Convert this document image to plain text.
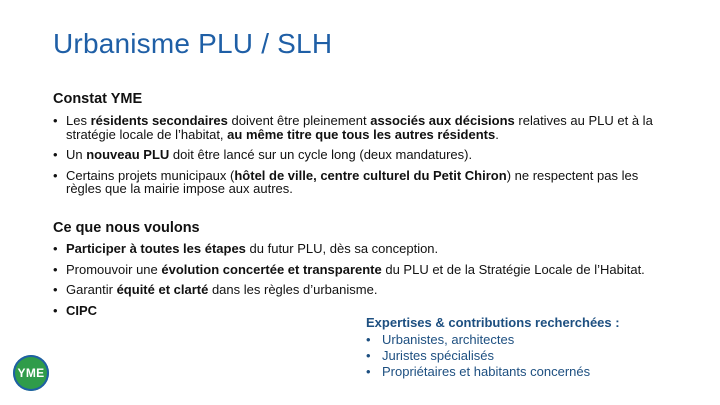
Urbanisme PLU / SLH
Constat YME
• Les résidents secondaires doivent être pleinement associés aux décisions relatives au PLU et à la stratégie locale de l’habitat, au même titre que tous les autres résidents.
• Un nouveau PLU doit être lancé sur un cycle long (deux mandatures).
• Certains projets municipaux (hôtel de ville, centre culturel du Petit Chiron) ne respectent pas les règles que la mairie impose aux autres.
Ce que nous voulons
• Participer à toutes les étapes du futur PLU, dès sa conception.
• Promouvoir une évolution concertée et transparente du PLU et de la Stratégie Locale de l’Habitat.
• Garantir équité et clarté dans les règles d’urbanisme.
• CIPC

Expertises & contributions recherchées :

• Urbanistes, architectes
• Juristes spécialisés
• Propriétaires et habitants concernés
YME
